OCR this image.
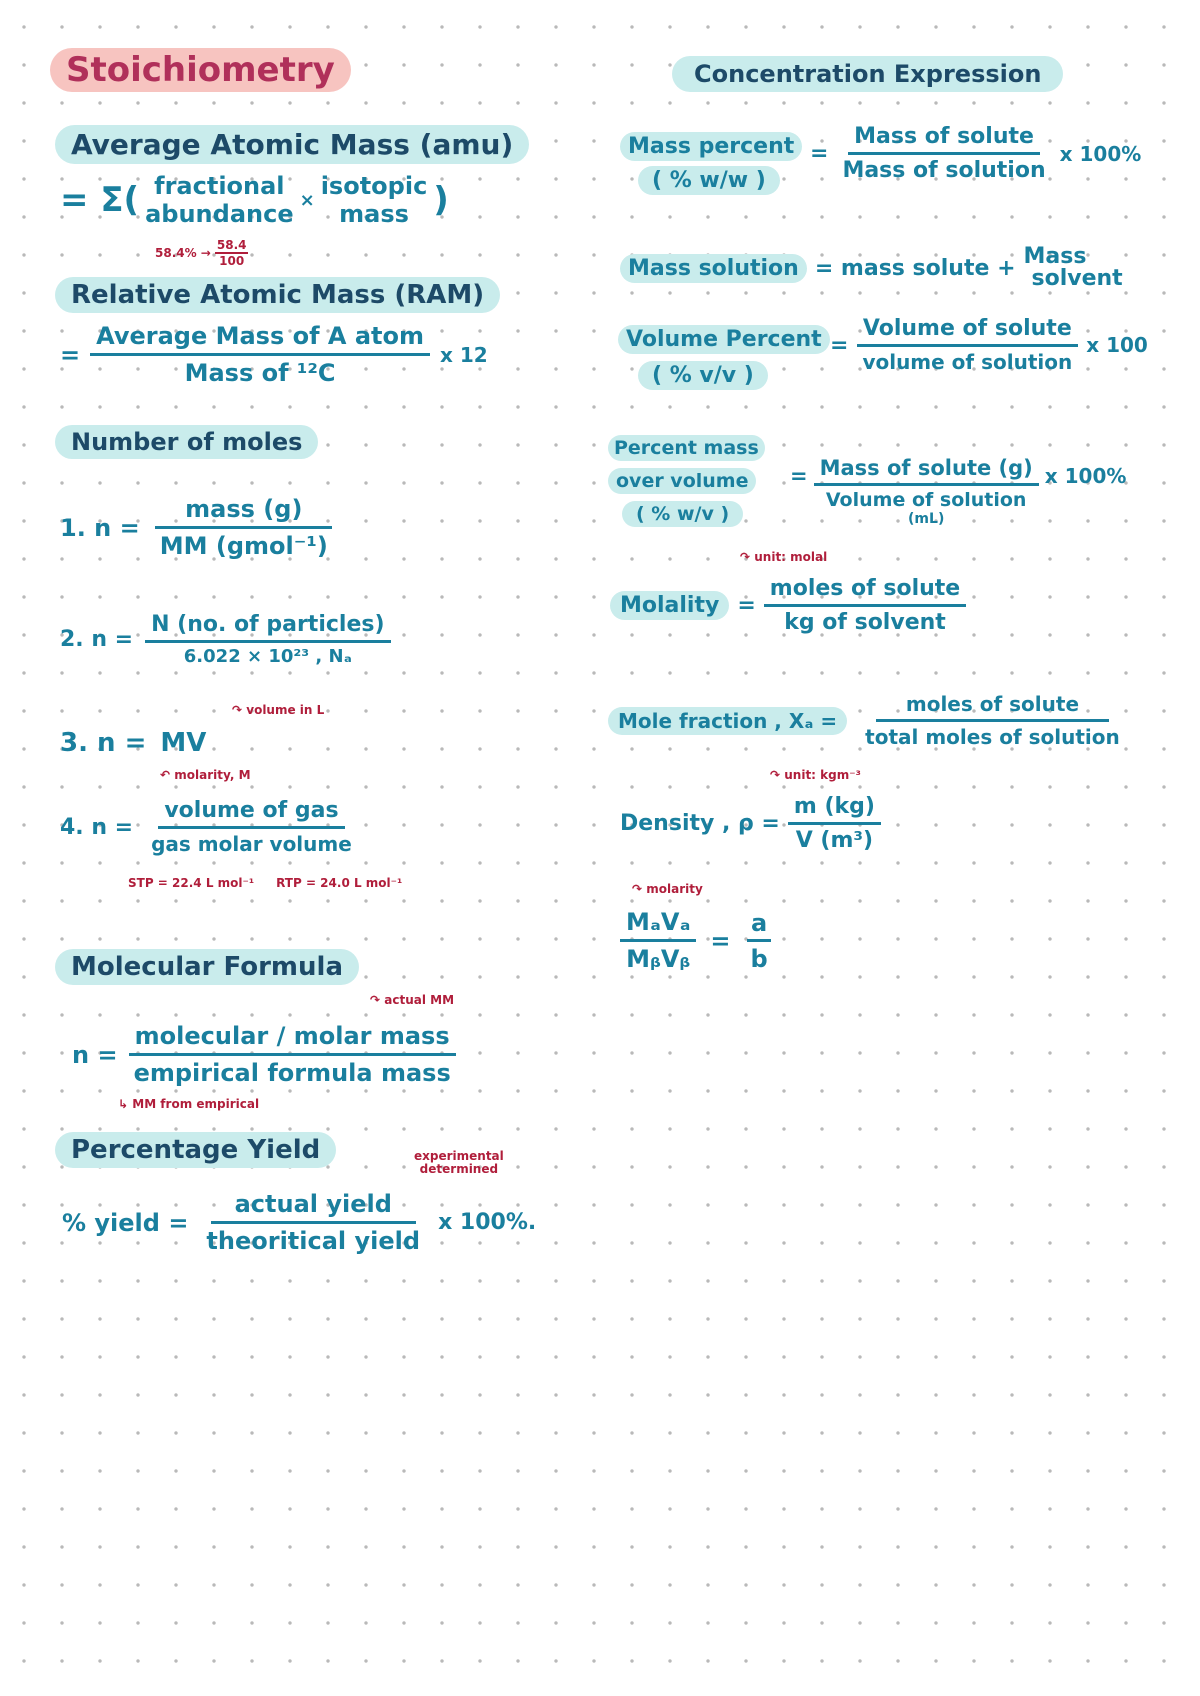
Stoichiometry
Average Atomic Mass (amu)
= Σ( fractional
abundance × isotopic
mass )
$58.4\% \to \frac{58.4}{100}$
Relative Atomic Mass (RAM)
= $\frac{\text{Average Mass of A atom}}{\text{Mass of ¹²C}}$ x 12
Number of moles
1. $n = \frac{\text{mass (g)}}{\text{MM (gmol⁻¹)}}$
2. $n = \frac{\text{N (no. of particles)}}{\text{6.022 × 10²³ , Nₐ}}$
3. n = MV
↷ volume in L
↶ molarity, M
4. $n = \frac{\text{volume of gas}}{\text{gas molar volume}}$
STP = 22.4 L mol⁻¹ RTP = 24.0 L mol⁻¹
Molecular Formula
↷ actual MM
$n = \frac{\text{molecular / molar mass}}{\text{empirical formula mass}}$
↳ MM from empirical
Percentage Yield	experimental
determined
% yield = $\frac{\text{actual yield}}{\text{theoritical yield}}$ x 100%.
Concentration Expression
Mass percent
( % w/w )
= $\frac{\text{Mass of solute}}{\text{Mass of solution}}$ x 100%
Mass solution = mass solute + Mass
solvent
Volume Percent
( % v/v )
= $\frac{\text{Volume of solute}}{\text{volume of solution}}$ x 100
Percent mass
over volume
( % w/v )
= Mass of solute (g)
Volume of solution
(mL)
x 100%
↷ unit: molal
Molality = $\frac{\text{moles of solute}}{\text{kg of solvent}}$
Mole fraction , Xₐ =	$\frac{\text{moles of solute}}{\text{total moles of solution}}$
↷ unit: kgm⁻³
Density , $\rho = \frac{m (kg)}{\text{V (m³)}}$
↷ molarity
$\frac{\text{MₐVₐ}}{\text{MᵦVᵦ}} = \frac{a}{b}$
